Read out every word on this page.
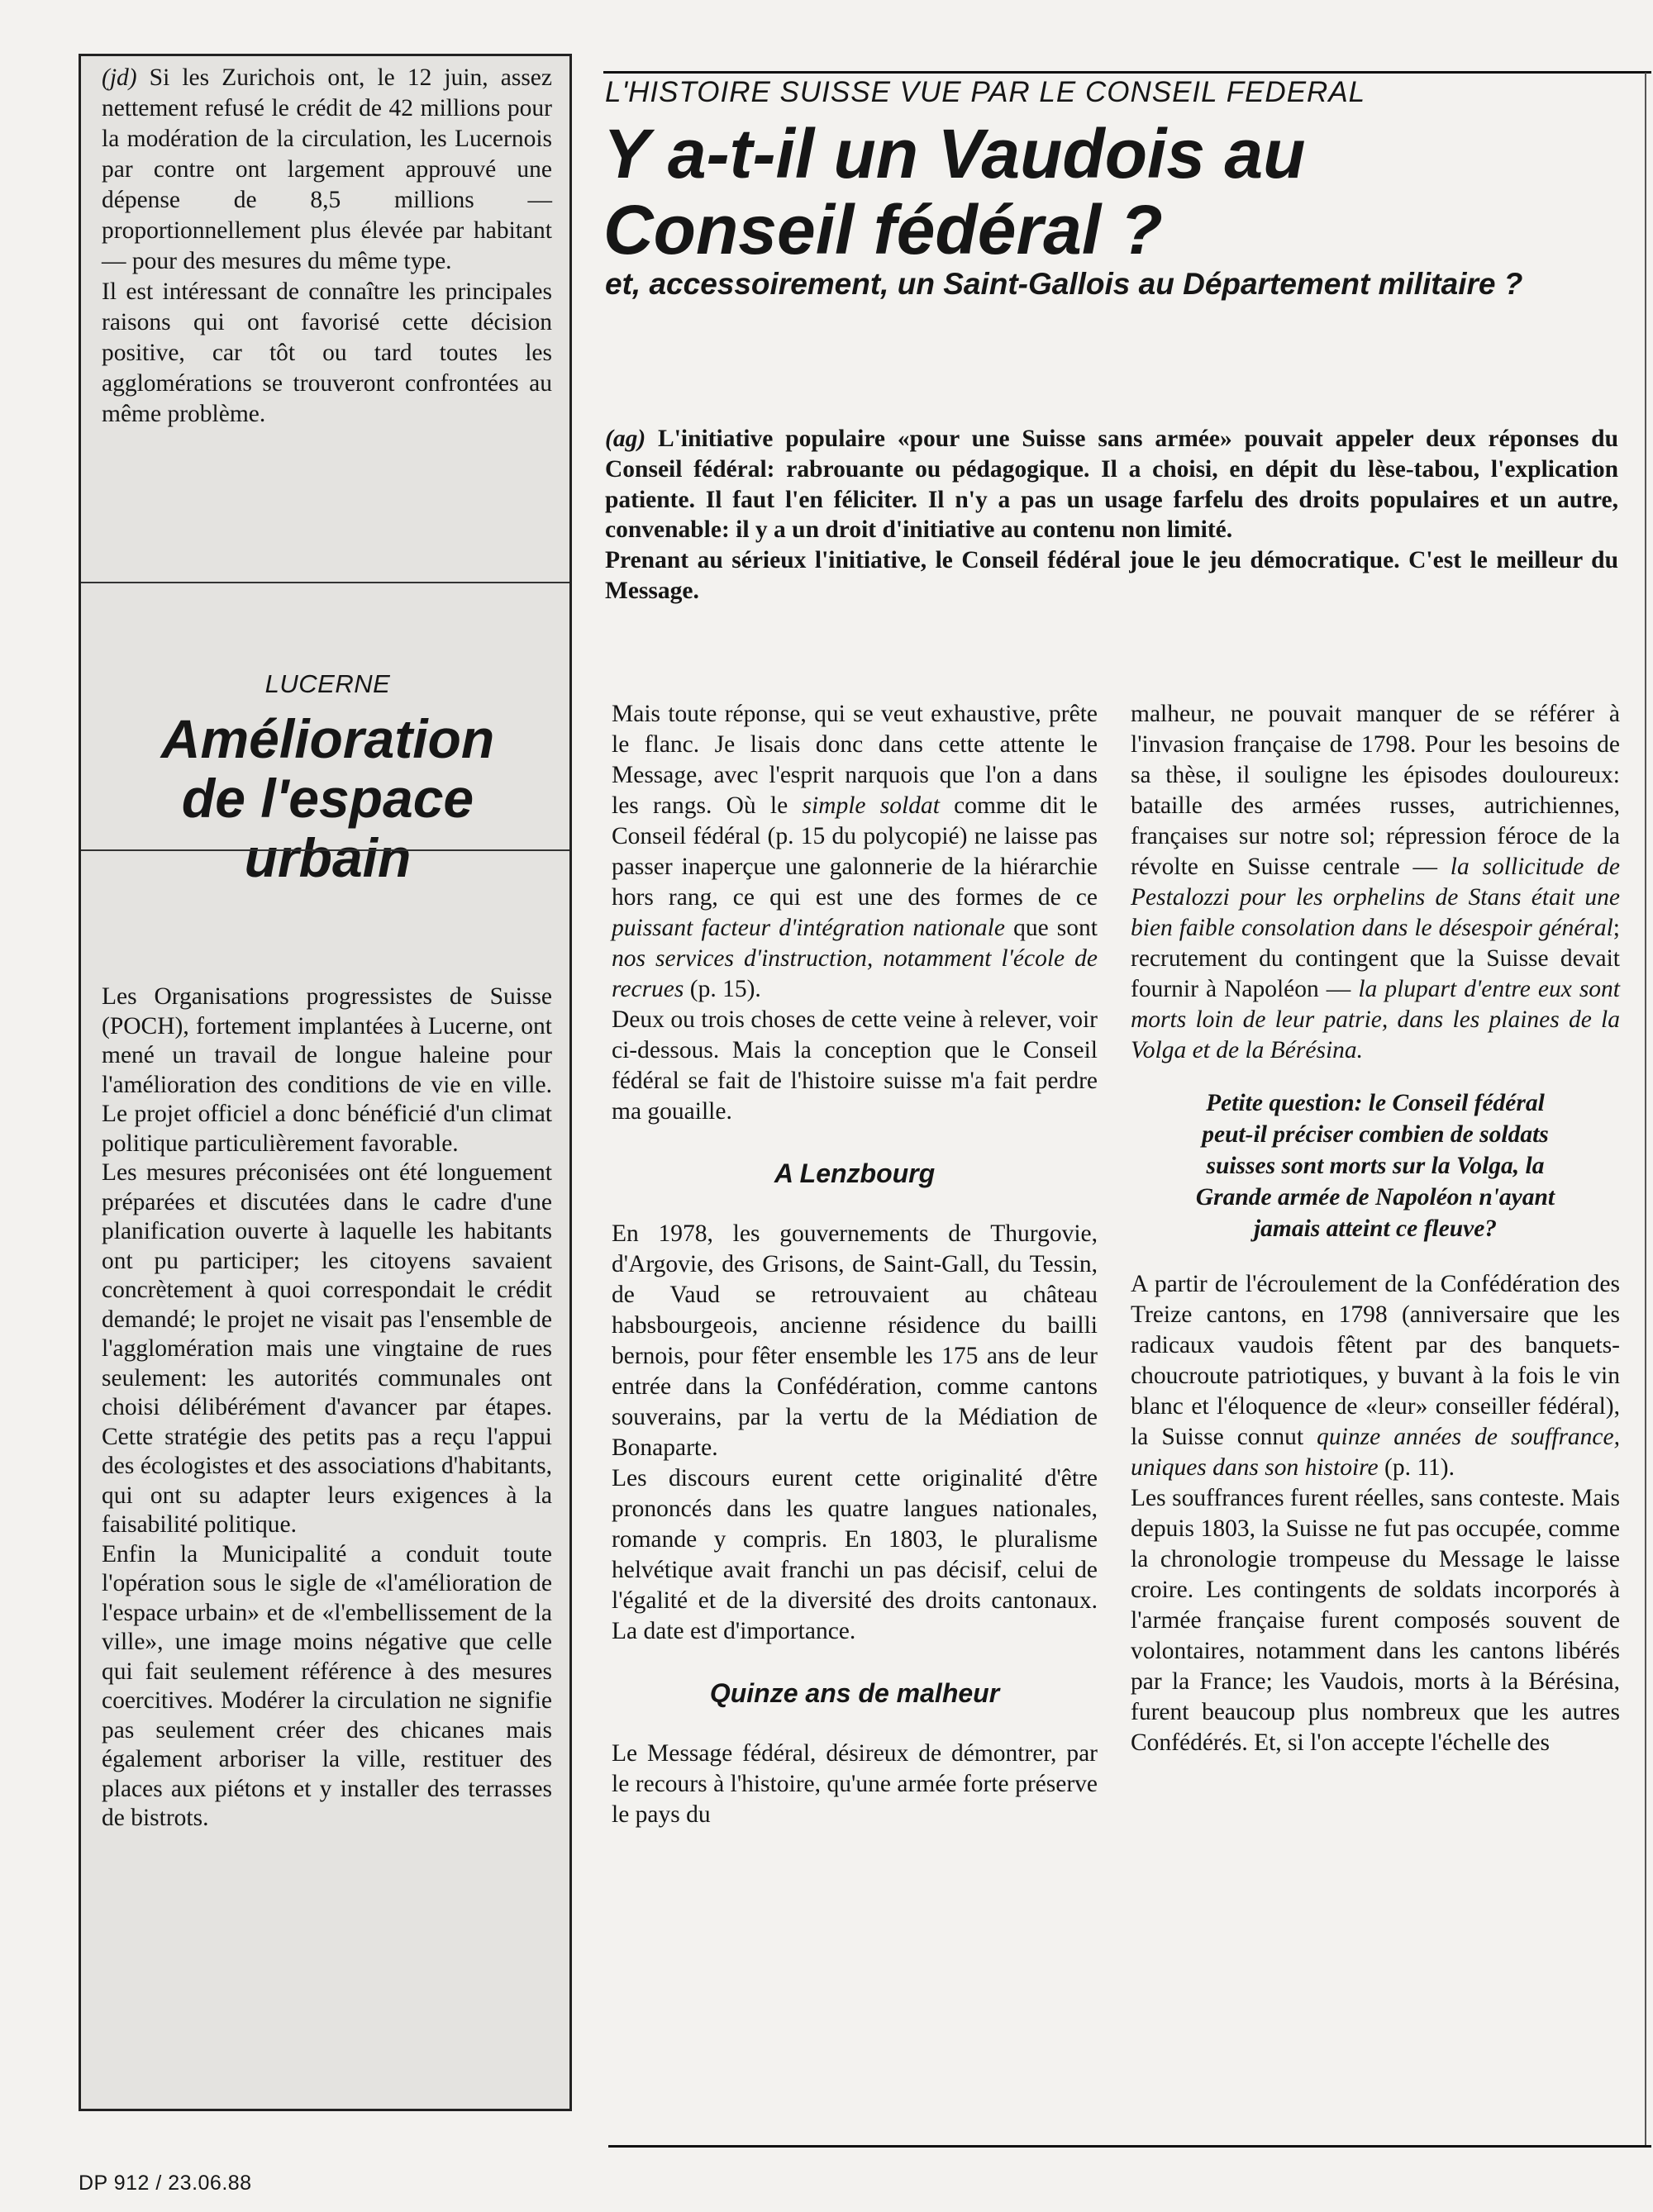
(jd) Si les Zurichois ont, le 12 juin, assez nettement refusé le crédit de 42 millions pour la modération de la circulation, les Lucernois par contre ont largement approuvé une dépense de 8,5 millions — proportionnellement plus élevée par habitant — pour des mesures du même type.

Il est intéressant de connaître les principales raisons qui ont favorisé cette décision positive, car tôt ou tard toutes les agglomérations se trouveront confrontées au même problème.

LUCERNE
Amélioration
de l'espace
urbain

Les Organisations progressistes de Suisse (POCH), fortement implantées à Lucerne, ont mené un travail de longue haleine pour l'amélioration des conditions de vie en ville. Le projet officiel a donc bénéficié d'un climat politique particulièrement favorable.

Les mesures préconisées ont été longuement préparées et discutées dans le cadre d'une planification ouverte à laquelle les habitants ont pu participer; les citoyens savaient concrètement à quoi correspondait le crédit demandé; le projet ne visait pas l'ensemble de l'agglomération mais une vingtaine de rues seulement: les autorités communales ont choisi délibérément d'avancer par étapes. Cette stratégie des petits pas a reçu l'appui des écologistes et des associations d'habitants, qui ont su adapter leurs exigences à la faisabilité politique.

Enfin la Municipalité a conduit toute l'opération sous le sigle de «l'amélioration de l'espace urbain» et de «l'embellissement de la ville», une image moins négative que celle qui fait seulement référence à des mesures coercitives. Modérer la circulation ne signifie pas seulement créer des chicanes mais également arboriser la ville, restituer des places aux piétons et y installer des terrasses de bistrots.

L'HISTOIRE SUISSE VUE PAR LE CONSEIL FEDERAL
Y a-t-il un Vaudois au
Conseil fédéral ?
et, accessoirement, un Saint-Gallois au Département militaire ?

(ag) L'initiative populaire «pour une Suisse sans armée» pouvait appeler deux réponses du Conseil fédéral: rabrouante ou pédagogique. Il a choisi, en dépit du lèse-tabou, l'explication patiente. Il faut l'en féliciter. Il n'y a pas un usage farfelu des droits populaires et un autre, convenable: il y a un droit d'initiative au contenu non limité.

Prenant au sérieux l'initiative, le Conseil fédéral joue le jeu démocratique. C'est le meilleur du Message.

Mais toute réponse, qui se veut exhaustive, prête le flanc. Je lisais donc dans cette attente le Message, avec l'esprit narquois que l'on a dans les rangs. Où le simple soldat comme dit le Conseil fédéral (p. 15 du polycopié) ne laisse pas passer inaperçue une galonnerie de la hiérarchie hors rang, ce qui est une des formes de ce puissant facteur d'intégration nationale que sont nos services d'instruction, notamment l'école de recrues (p. 15).

Deux ou trois choses de cette veine à relever, voir ci-dessous. Mais la conception que le Conseil fédéral se fait de l'histoire suisse m'a fait perdre ma gouaille.

A Lenzbourg

En 1978, les gouvernements de Thurgovie, d'Argovie, des Grisons, de Saint-Gall, du Tessin, de Vaud se retrouvaient au château habsbourgeois, ancienne résidence du bailli bernois, pour fêter ensemble les 175 ans de leur entrée dans la Confédération, comme cantons souverains, par la vertu de la Médiation de Bonaparte.

Les discours eurent cette originalité d'être prononcés dans les quatre langues nationales, romande y compris. En 1803, le pluralisme helvétique avait franchi un pas décisif, celui de l'égalité et de la diversité des droits cantonaux. La date est d'importance.

Quinze ans de malheur

Le Message fédéral, désireux de démontrer, par le recours à l'histoire, qu'une armée forte préserve le pays du

malheur, ne pouvait manquer de se référer à l'invasion française de 1798. Pour les besoins de sa thèse, il souligne les épisodes douloureux: bataille des armées russes, autrichiennes, françaises sur notre sol; répression féroce de la révolte en Suisse centrale — la sollicitude de Pestalozzi pour les orphelins de Stans était une bien faible consolation dans le désespoir général; recrutement du contingent que la Suisse devait fournir à Napoléon — la plupart d'entre eux sont morts loin de leur patrie, dans les plaines de la Volga et de la Bérésina.

Petite question: le Conseil fédéral peut-il préciser combien de soldats suisses sont morts sur la Volga, la Grande armée de Napoléon n'ayant jamais atteint ce fleuve?

A partir de l'écroulement de la Confédération des Treize cantons, en 1798 (anniversaire que les radicaux vaudois fêtent par des banquets-choucroute patriotiques, y buvant à la fois le vin blanc et l'éloquence de «leur» conseiller fédéral), la Suisse connut quinze années de souffrance, uniques dans son histoire (p. 11).

Les souffrances furent réelles, sans conteste. Mais depuis 1803, la Suisse ne fut pas occupée, comme la chronologie trompeuse du Message le laisse croire. Les contingents de soldats incorporés à l'armée française furent composés souvent de volontaires, notamment dans les cantons libérés par la France; les Vaudois, morts à la Bérésina, furent beaucoup plus nombreux que les autres Confédérés. Et, si l'on accepte l'échelle des

DP 912 / 23.06.88
